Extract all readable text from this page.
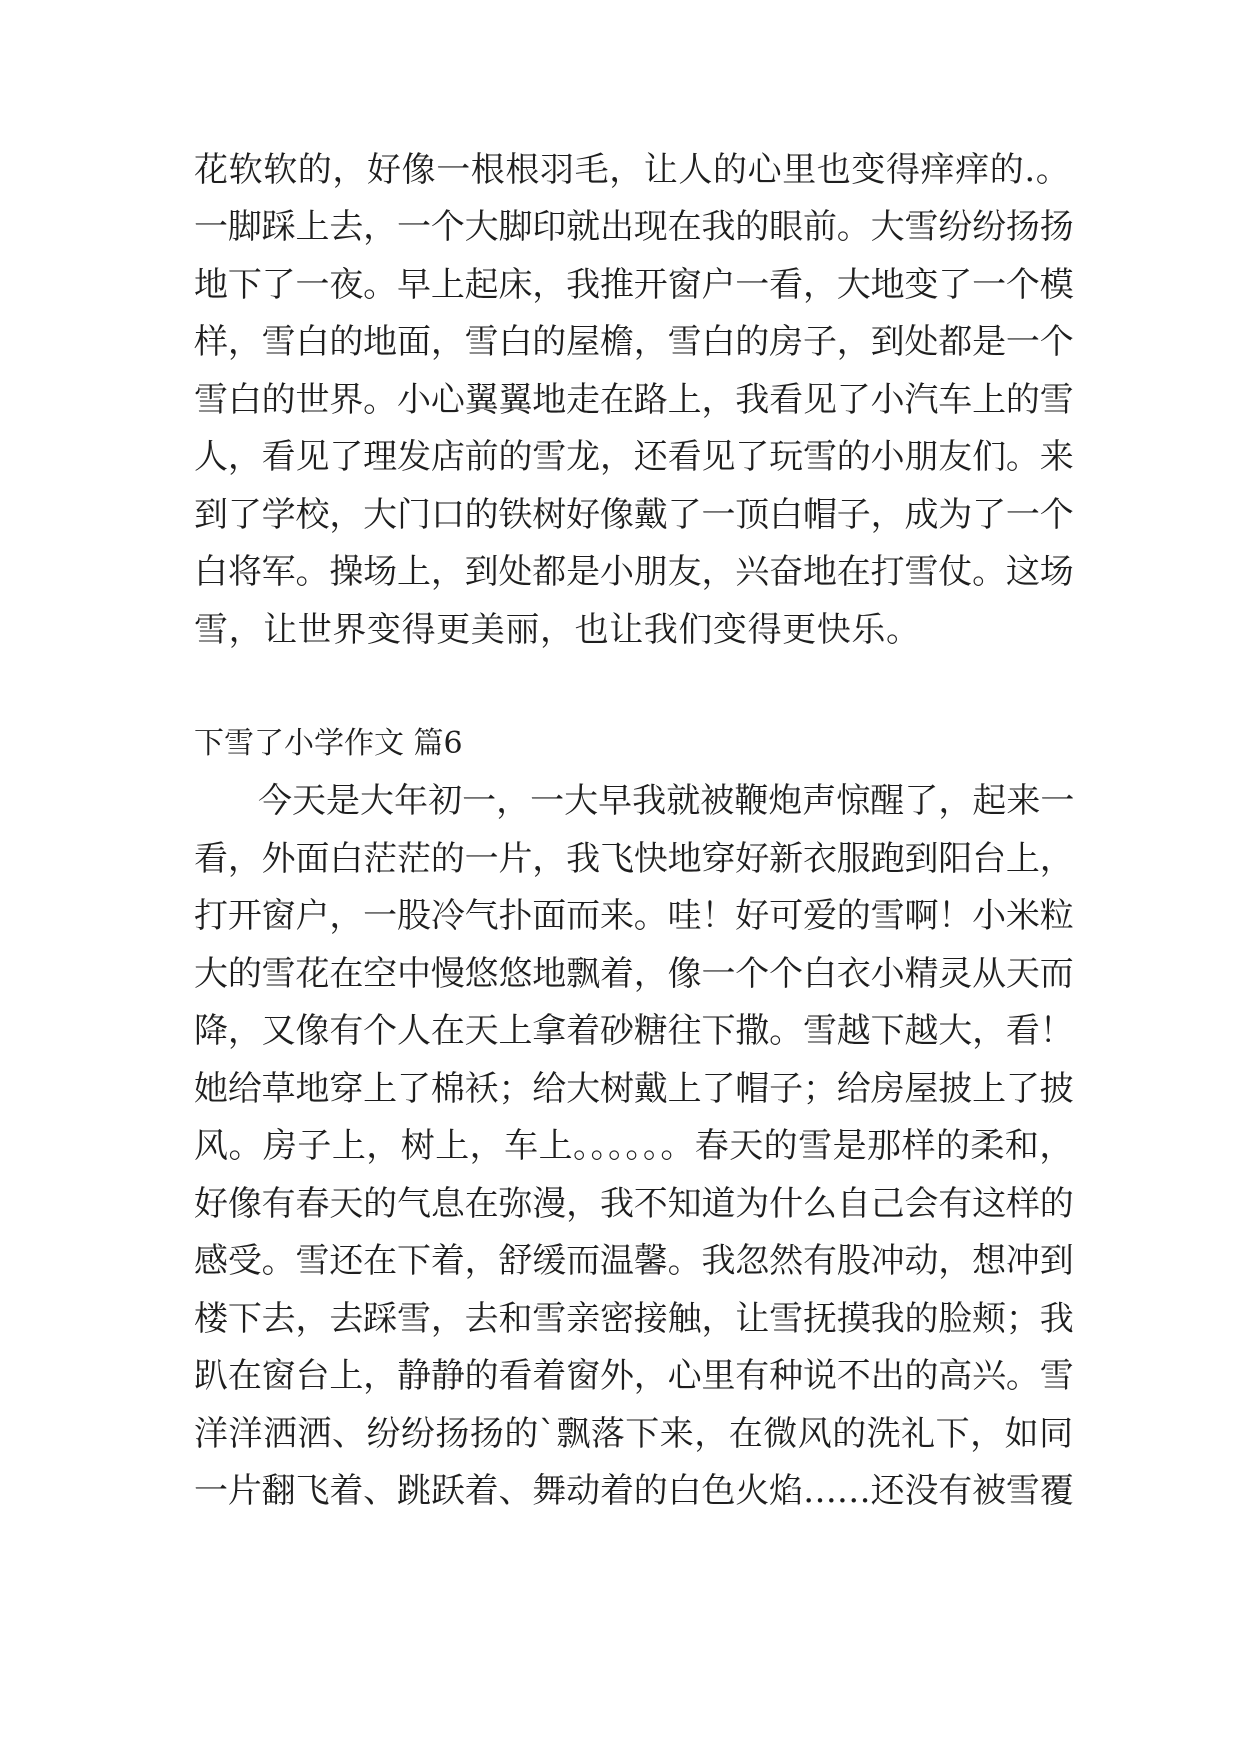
花软软的，好像一根根羽毛，让人的心里也变得痒痒的.。
一脚踩上去，一个大脚印就出现在我的眼前。大雪纷纷扬扬
地下了一夜。早上起床，我推开窗户一看，大地变了一个模
样，雪白的地面，雪白的屋檐，雪白的房子，到处都是一个
雪白的世界。小心翼翼地走在路上，我看见了小汽车上的雪
人，看见了理发店前的雪龙，还看见了玩雪的小朋友们。来
到了学校，大门口的铁树好像戴了一顶白帽子，成为了一个
白将军。操场上，到处都是小朋友，兴奋地在打雪仗。这场
雪，让世界变得更美丽，也让我们变得更快乐。
下雪了小学作文 篇6
今天是大年初一，一大早我就被鞭炮声惊醒了，起来一
看，外面白茫茫的一片，我飞快地穿好新衣服跑到阳台上，
打开窗户，一股冷气扑面而来。哇！好可爱的雪啊！小米粒
大的雪花在空中慢悠悠地飘着，像一个个白衣小精灵从天而
降，又像有个人在天上拿着砂糖往下撒。雪越下越大，看！
她给草地穿上了棉袄；给大树戴上了帽子；给房屋披上了披
风。房子上，树上，车上。。。。。。春天的雪是那样的柔和，
好像有春天的气息在弥漫，我不知道为什么自己会有这样的
感受。雪还在下着，舒缓而温馨。我忽然有股冲动，想冲到
楼下去，去踩雪，去和雪亲密接触，让雪抚摸我的脸颊；我
趴在窗台上，静静的看着窗外，心里有种说不出的高兴。雪
洋洋洒洒、纷纷扬扬的`飘落下来，在微风的洗礼下，如同
一片翻飞着、跳跃着、舞动着的白色火焰……还没有被雪覆
